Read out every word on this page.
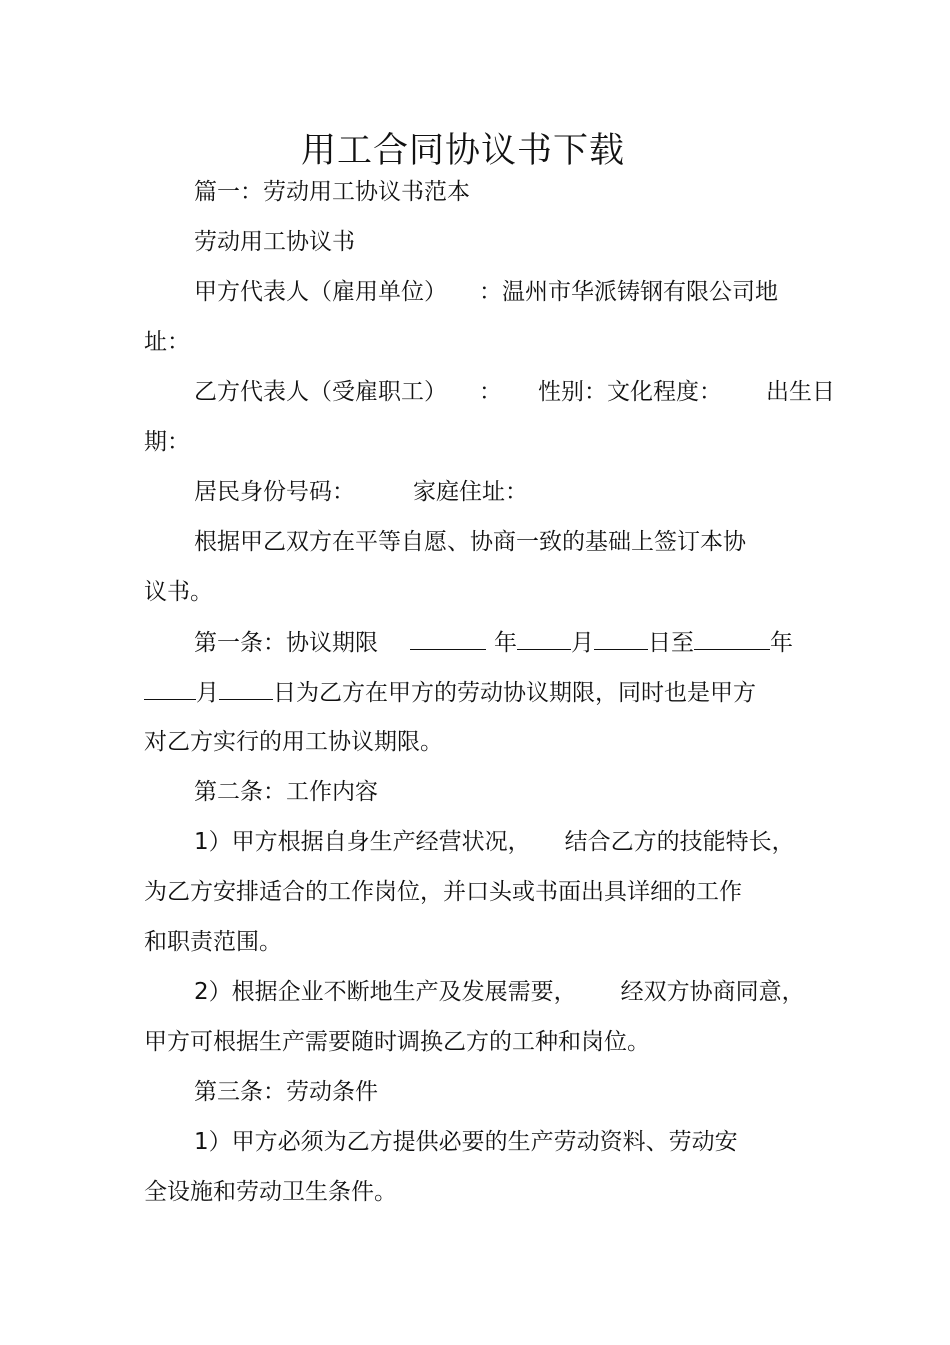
用工合同协议书下载
篇一：劳动用工协议书范本
劳动用工协议书
甲方代表人（雇用单位） ：温州市华派铸钢有限公司地
址：
乙方代表人（受雇职工） ： 性别：文化程度： 出生日
期：
居民身份号码：	家庭住址：
根据甲乙双方在平等自愿、协商一致的基础上签订本协
议书。
第一条：协议期限	年 月 日至	年
月 日为乙方在甲方的劳动协议期限，同时也是甲方
对乙方实行的用工协议期限。
第二条：工作内容
1）甲方根据自身生产经营状况， 结合乙方的技能特长，
为乙方安排适合的工作岗位，并口头或书面出具详细的工作
和职责范围。
2）根据企业不断地生产及发展需要， 经双方协商同意，
甲方可根据生产需要随时调换乙方的工种和岗位。
第三条：劳动条件
1）甲方必须为乙方提供必要的生产劳动资料、劳动安
全设施和劳动卫生条件。
